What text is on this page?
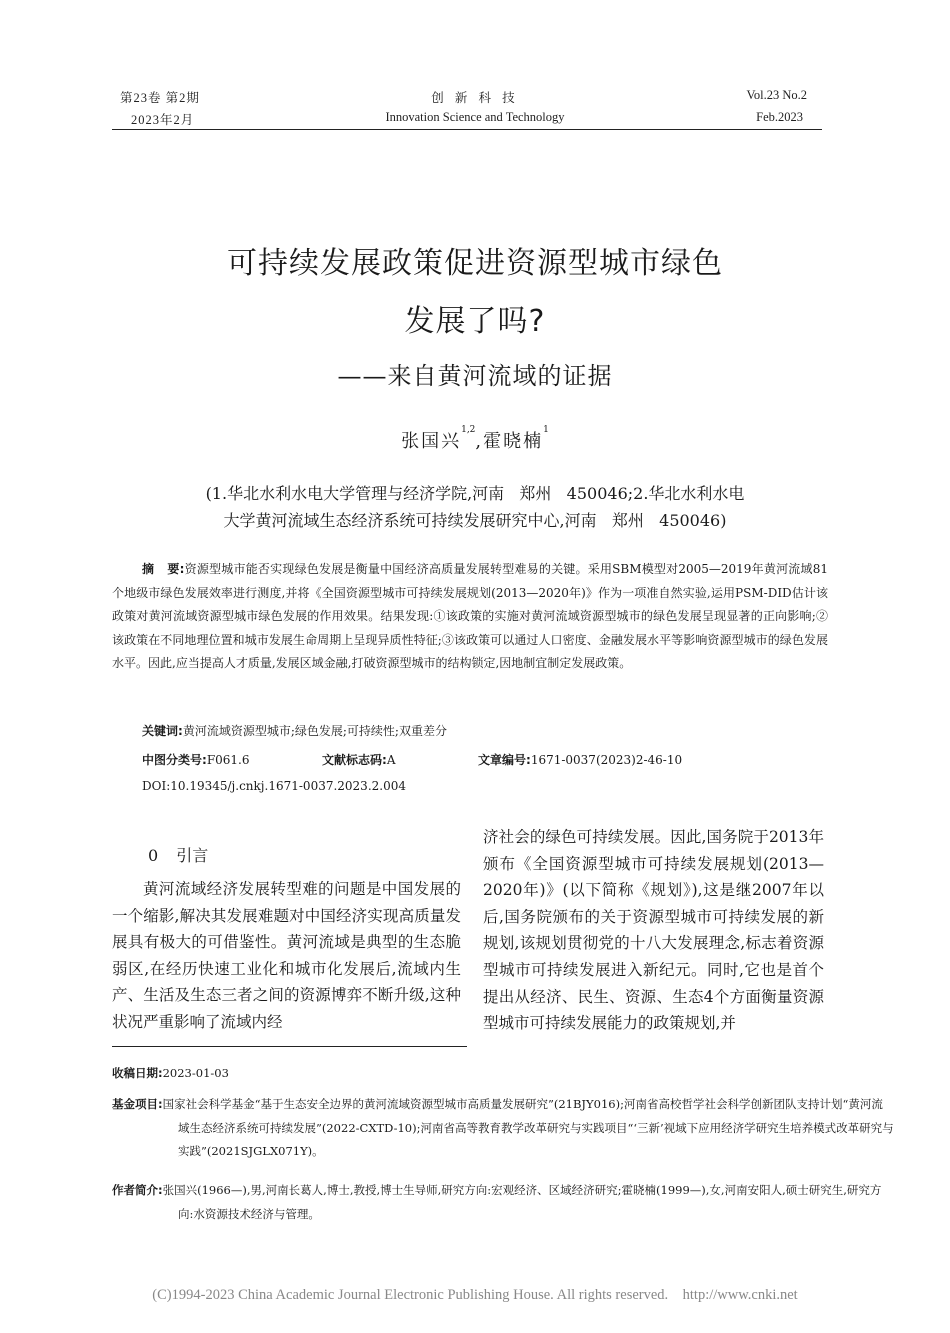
第23卷 第2期
2023年2月
创 新 科 技
Innovation Science and Technology
Vol.23 No.2
Feb.2023
可持续发展政策促进资源型城市绿色
发展了吗?
——来自黄河流域的证据
张国兴$^{1,2}$,霍晓楠$^1$
(1.华北水利水电大学管理与经济学院,河南   郑州   450046;2.华北水利水电
大学黄河流域生态经济系统可持续发展研究中心,河南   郑州   450046)
摘   要:资源型城市能否实现绿色发展是衡量中国经济高质量发展转型难易的关键。采用SBM模型对2005—2019年黄河流域81个地级市绿色发展效率进行测度,并将《全国资源型城市可持续发展规划(2013—2020年)》作为一项准自然实验,运用PSM-DID估计该政策对黄河流域资源型城市绿色发展的作用效果。结果发现:①该政策的实施对黄河流域资源型城市的绿色发展呈现显著的正向影响;②该政策在不同地理位置和城市发展生命周期上呈现异质性特征;③该政策可以通过人口密度、金融发展水平等影响资源型城市的绿色发展水平。因此,应当提高人才质量,发展区域金融,打破资源型城市的结构锁定,因地制宜制定发展政策。
关键词:黄河流域资源型城市;绿色发展;可持续性;双重差分
中图分类号:F061.6	文献标志码:A	文章编号:1671-0037(2023)2-46-10
DOI:10.19345/j.cnkj.1671-0037.2023.2.004
0 引言

黄河流域经济发展转型难的问题是中国发展的一个缩影,解决其发展难题对中国经济实现高质量发展具有极大的可借鉴性。黄河流域是典型的生态脆弱区,在经历快速工业化和城市化发展后,流域内生产、生活及生态三者之间的资源博弈不断升级,这种状况严重影响了流域内经

济社会的绿色可持续发展。因此,国务院于2013年颁布《全国资源型城市可持续发展规划(2013—2020年)》(以下简称《规划》),这是继2007年以后,国务院颁布的关于资源型城市可持续发展的新规划,该规划贯彻党的十八大发展理念,标志着资源型城市可持续发展进入新纪元。同时,它也是首个提出从经济、民生、资源、生态4个方面衡量资源型城市可持续发展能力的政策规划,并

收稿日期:2023-01-03
基金项目:国家社会科学基金“基于生态安全边界的黄河流域资源型城市高质量发展研究”(21BJY016);河南省高校哲学社会科学创新团队支持计划“黄河流域生态经济系统可持续发展”(2022-CXTD-10);河南省高等教育教学改革研究与实践项目“‘三新’视域下应用经济学研究生培养模式改革研究与实践”(2021SJGLX071Y)。
作者简介:张国兴(1966—),男,河南长葛人,博士,教授,博士生导师,研究方向:宏观经济、区域经济研究;霍晓楠(1999—),女,河南安阳人,硕士研究生,研究方向:水资源技术经济与管理。
(C)1994-2023 China Academic Journal Electronic Publishing House. All rights reserved.    http://www.cnki.net
